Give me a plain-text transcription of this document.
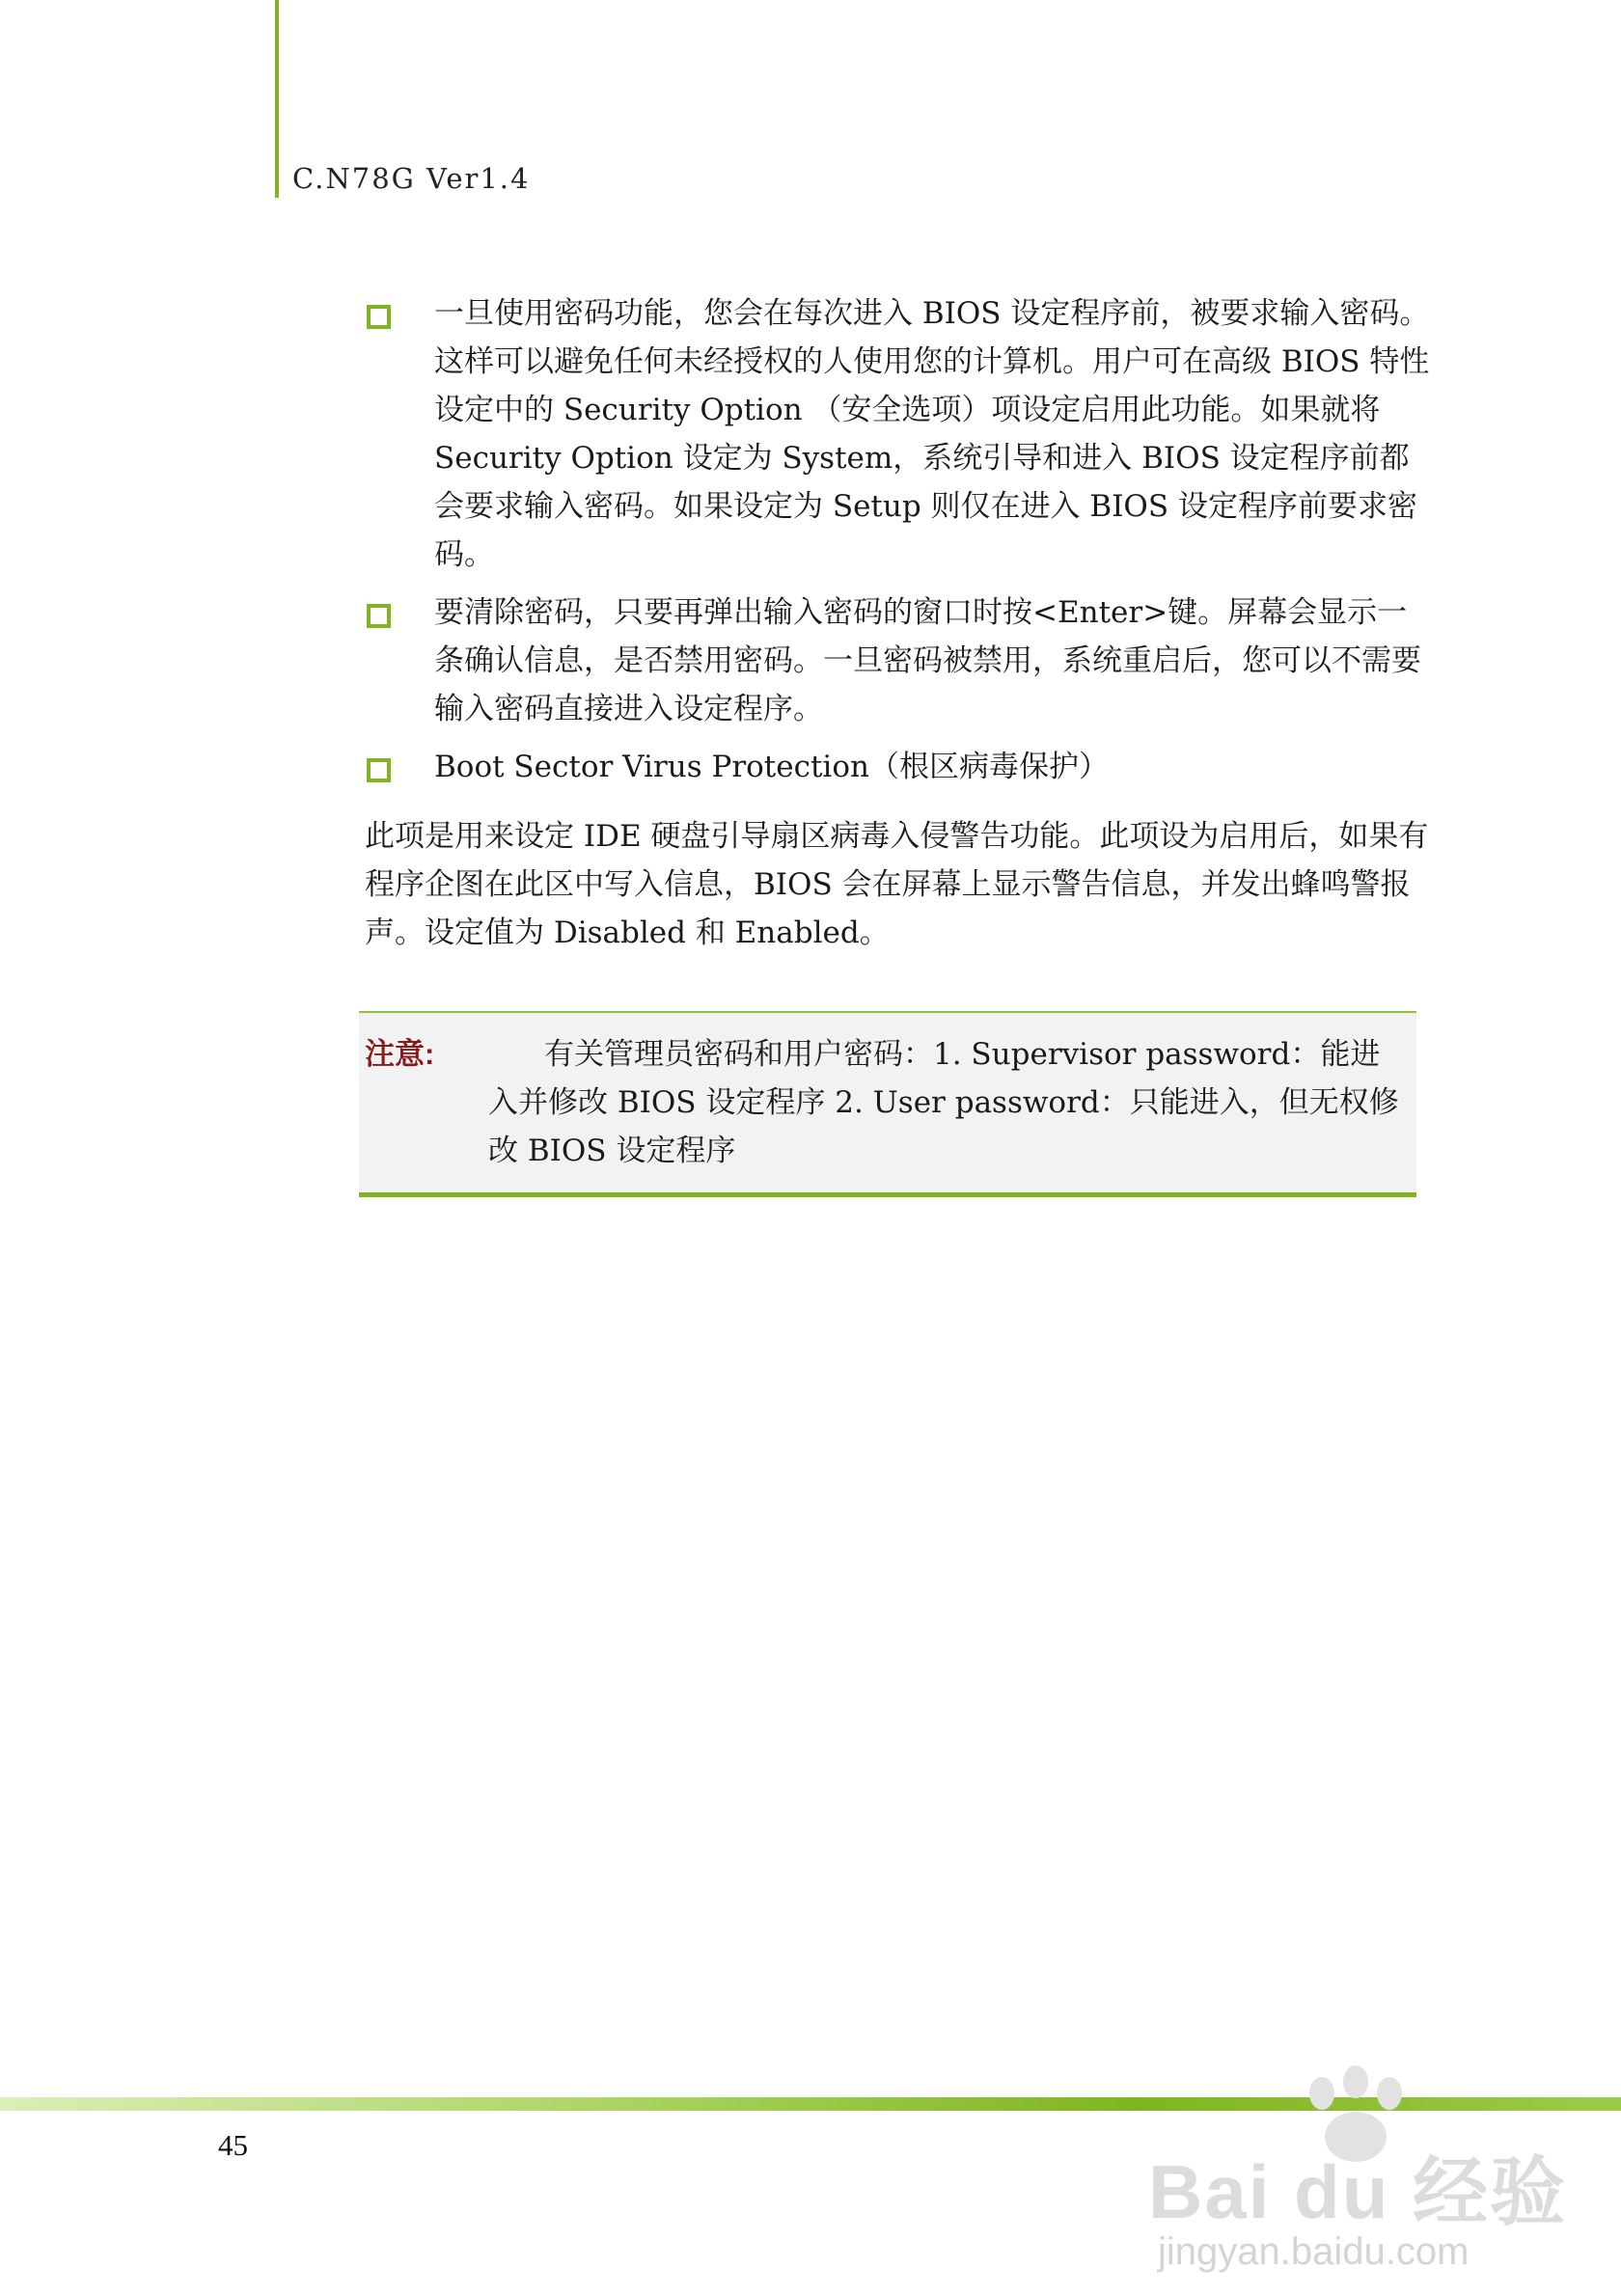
C.N78G Ver1.4
一旦使用密码功能，您会在每次进入 BIOS 设定程序前，被要求输入密码。这样可以避免任何未经授权的人使用您的计算机。用户可在高级 BIOS 特性设定中的 Security Option （安全选项）项设定启用此功能。如果就将 Security Option 设定为 System，系统引导和进入 BIOS 设定程序前都会要求输入密码。如果设定为 Setup 则仅在进入 BIOS 设定程序前要求密码。
要清除密码，只要再弹出输入密码的窗口时按<Enter>键。屏幕会显示一条确认信息，是否禁用密码。一旦密码被禁用，系统重启后，您可以不需要输入密码直接进入设定程序。
Boot Sector Virus Protection（根区病毒保护）
此项是用来设定 IDE 硬盘引导扇区病毒入侵警告功能。此项设为启用后，如果有程序企图在此区中写入信息，BIOS 会在屏幕上显示警告信息，并发出蜂鸣警报声。设定值为 Disabled 和 Enabled。
注意:	有关管理员密码和用户密码：1. Supervisor password：能进入并修改 BIOS 设定程序 2. User password：只能进入，但无权修改 BIOS 设定程序
45
Bai du 经验
jingyan.baidu.com
